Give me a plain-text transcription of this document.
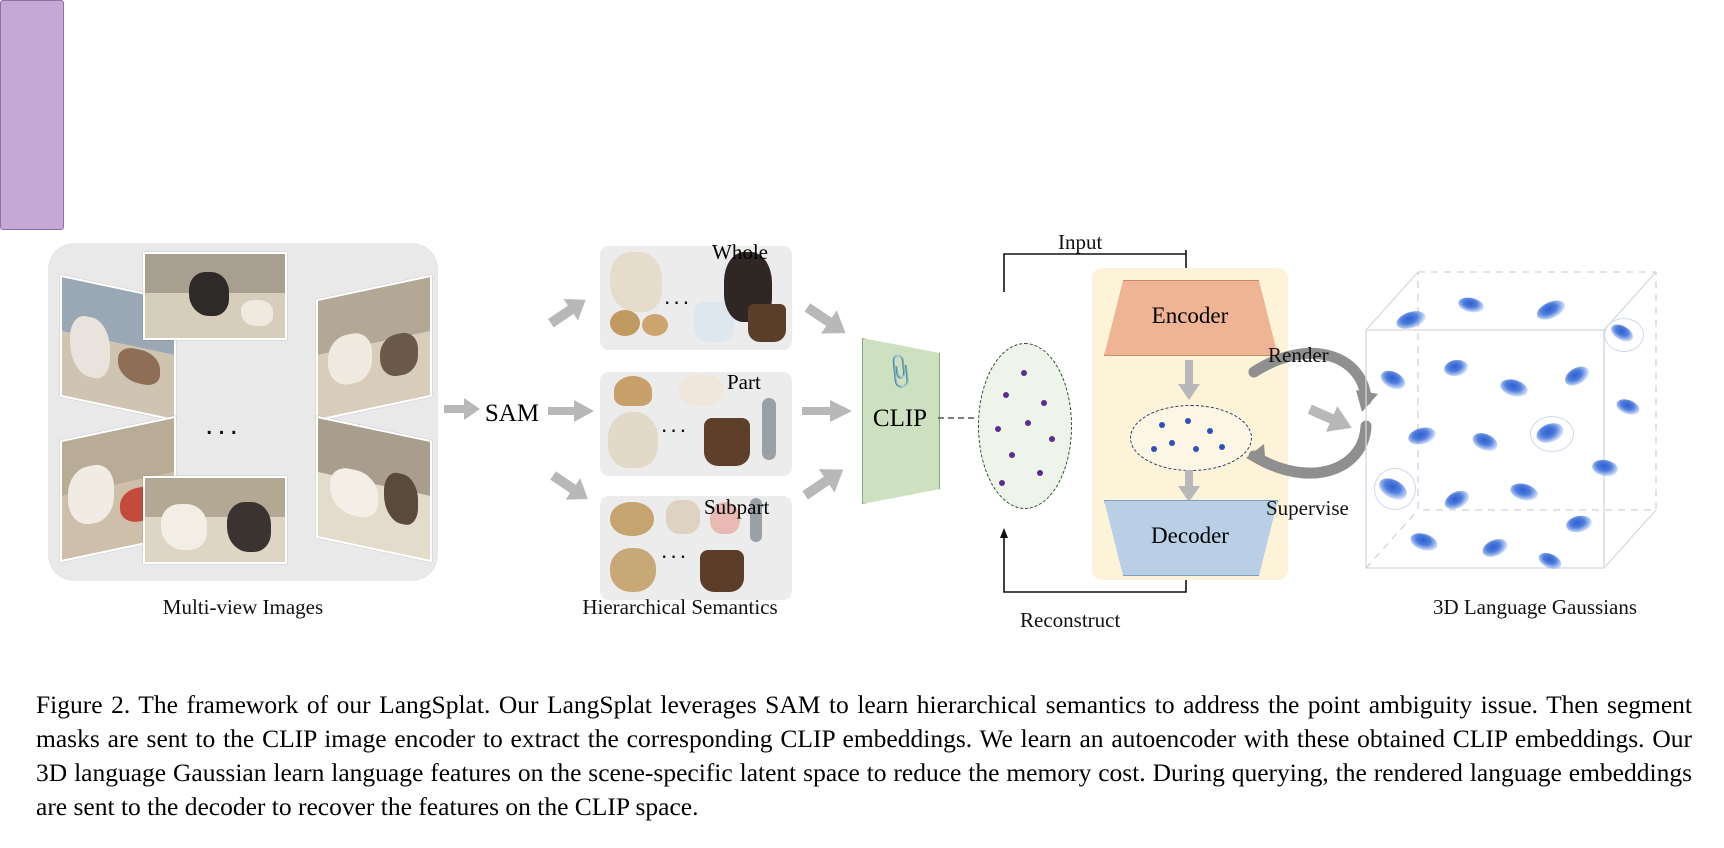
...
Multi-view Images
SAM
Whole
...
Part
...
Subpart
...
Hierarchical Semantics
📎
CLIP
Input
Reconstruct
Encoder
Decoder
Render
Supervise
3D Language Gaussians
Figure 2. The framework of our LangSplat. Our LangSplat leverages SAM to learn hierarchical semantics to address the point ambiguity issue. Then segment masks are sent to the CLIP image encoder to extract the corresponding CLIP embeddings. We learn an autoencoder with these obtained CLIP embeddings. Our 3D language Gaussian learn language features on the scene-specific latent space to reduce the memory cost. During querying, the rendered language embeddings are sent to the decoder to recover the features on the CLIP space.
